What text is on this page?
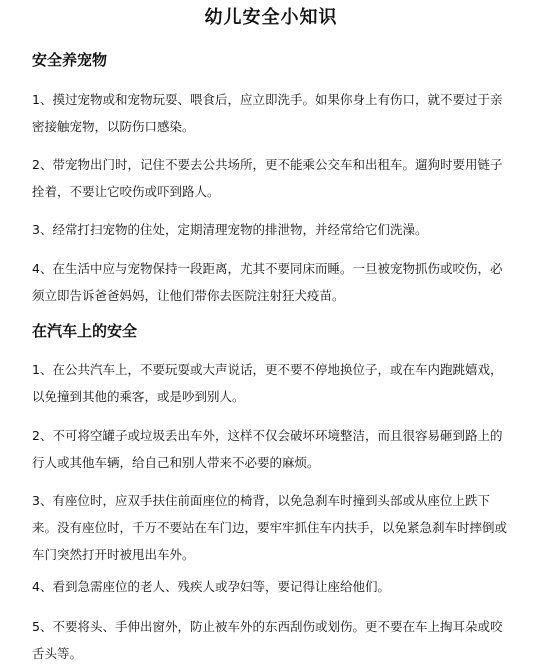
幼儿安全小知识
安全养宠物

1、摸过宠物或和宠物玩耍、喂食后，应立即洗手。如果你身上有伤口，就不要过于亲密接触宠物，以防伤口感染。

2、带宠物出门时，记住不要去公共场所，更不能乘公交车和出租车。遛狗时要用链子拴着，不要让它咬伤或吓到路人。

3、经常打扫宠物的住处，定期清理宠物的排泄物，并经常给它们洗澡。

4、在生活中应与宠物保持一段距离，尤其不要同床而睡。一旦被宠物抓伤或咬伤，必须立即告诉爸爸妈妈，让他们带你去医院注射狂犬疫苗。

在汽车上的安全

1、在公共汽车上，不要玩耍或大声说话，更不要不停地换位子，或在车内跑跳嬉戏，以免撞到其他的乘客，或是吵到别人。

2、不可将空罐子或垃圾丢出车外，这样不仅会破坏环境整洁，而且很容易砸到路上的行人或其他车辆，给自己和别人带来不必要的麻烦。

3、有座位时，应双手扶住前面座位的椅背，以免急刹车时撞到头部或从座位上跌下来。没有座位时，千万不要站在车门边，要牢牢抓住车内扶手，以免紧急刹车时摔倒或车门突然打开时被甩出车外。

4、看到急需座位的老人、残疾人或孕妇等，要记得让座给他们。

5、不要将头、手伸出窗外，防止被车外的东西刮伤或划伤。更不要在车上掏耳朵或咬舌头等。
